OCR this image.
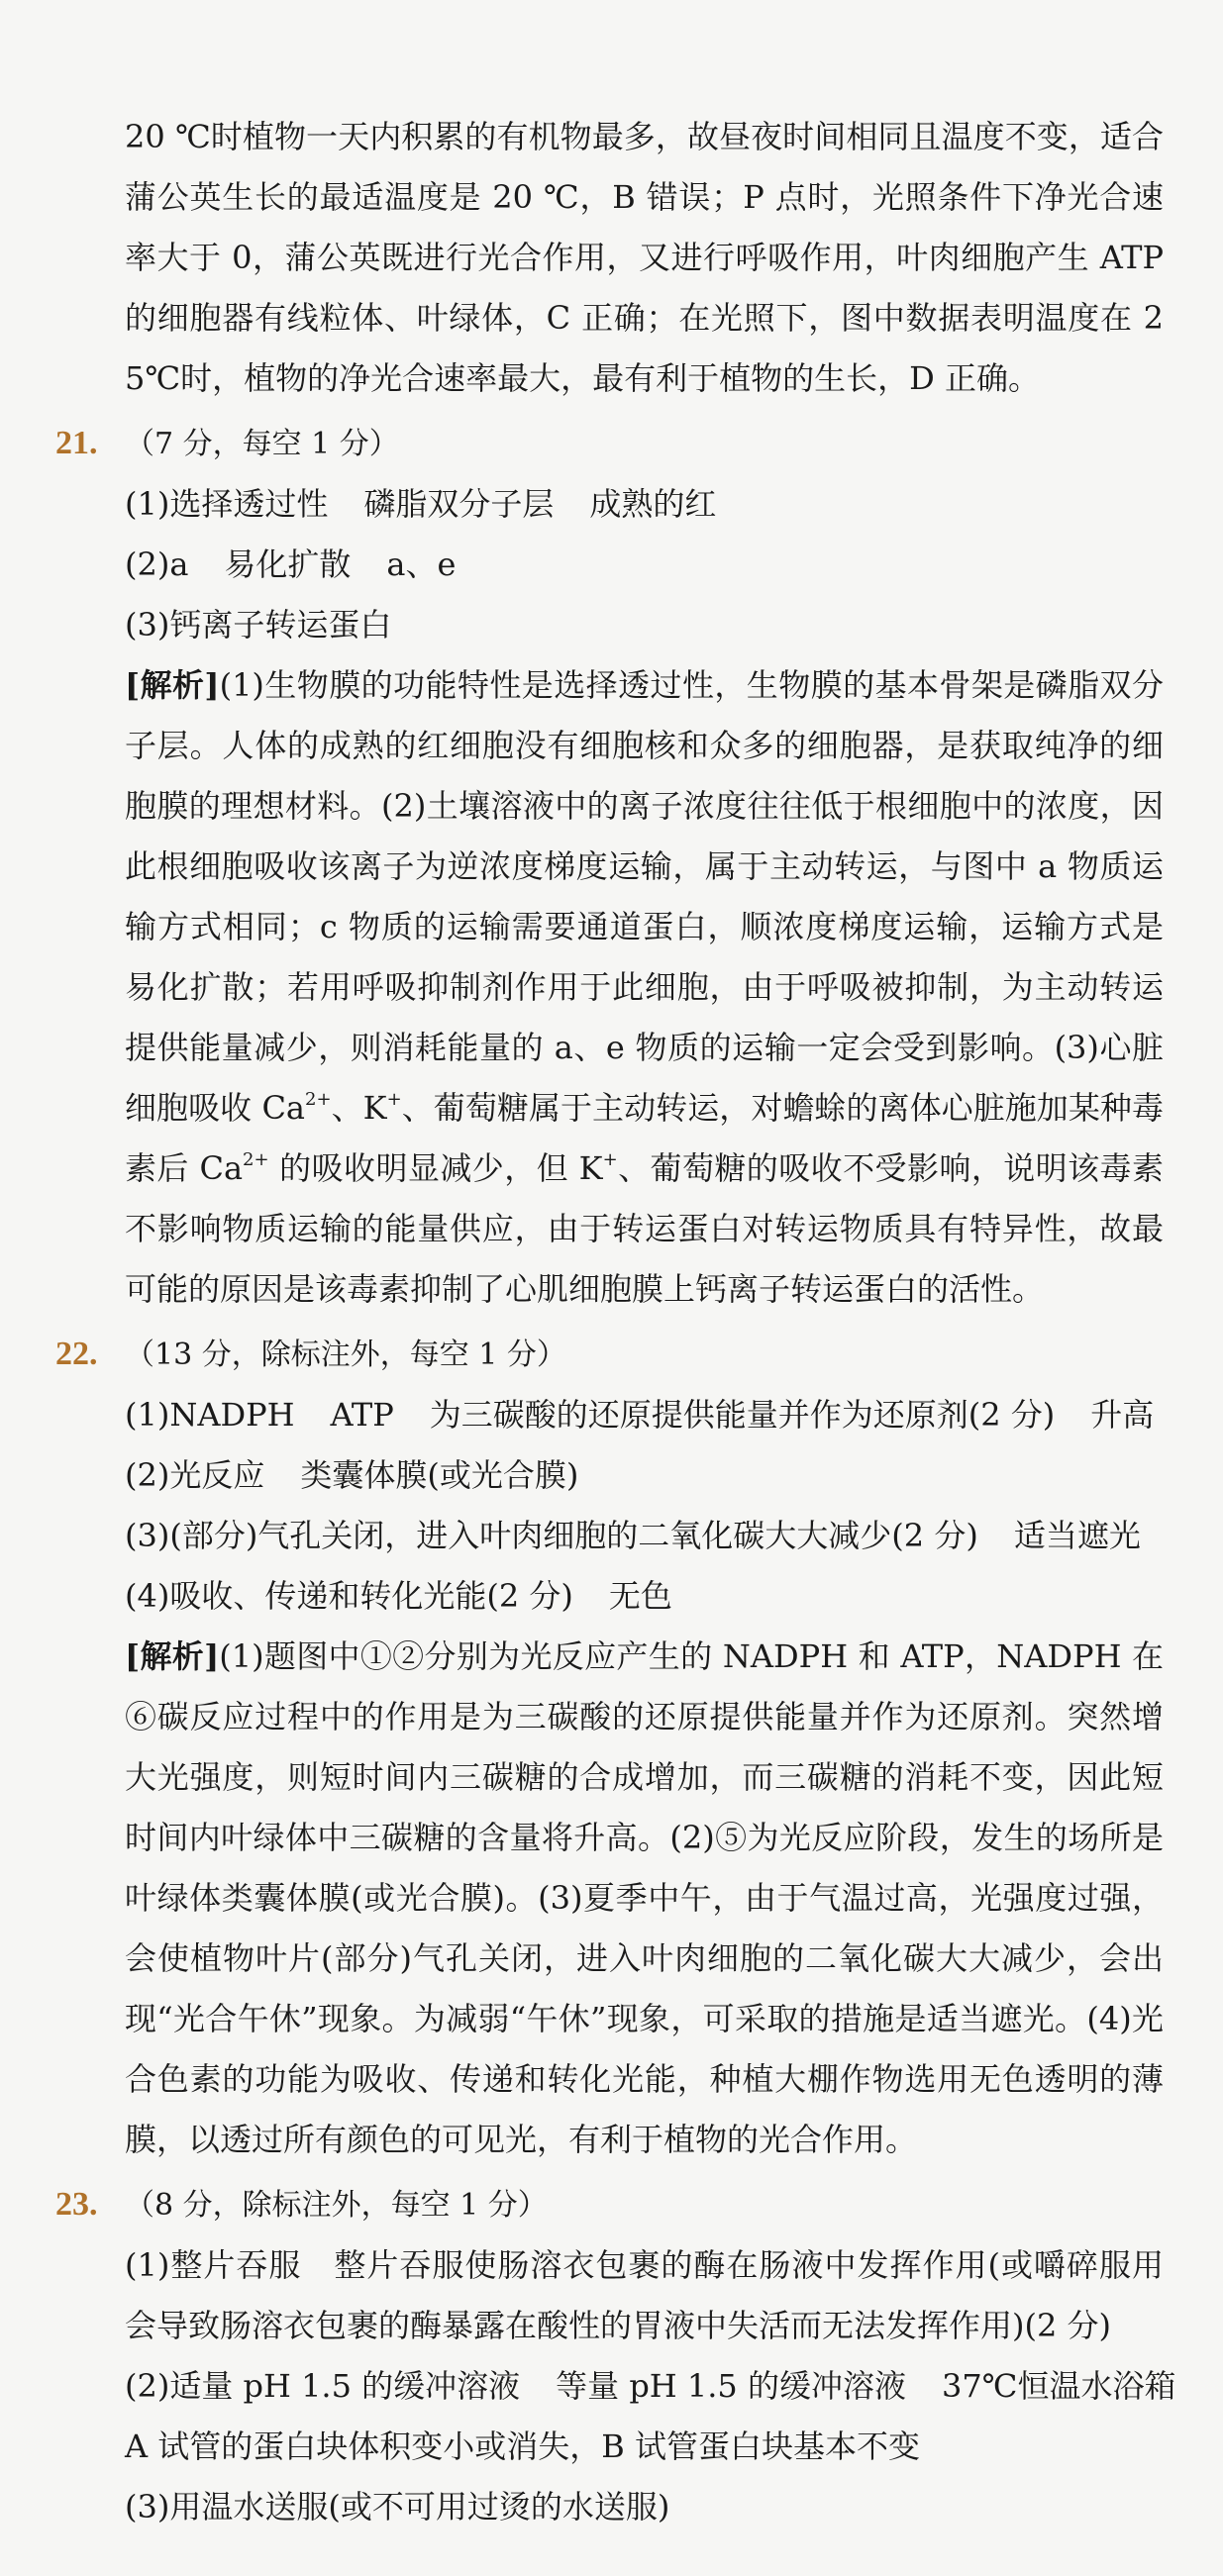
20 ℃时植物一天内积累的有机物最多，故昼夜时间相同且温度不变，适合蒲公英生长的最适温度是 20 ℃，B 错误；P 点时，光照条件下净光合速率大于 0，蒲公英既进行光合作用，又进行呼吸作用，叶肉细胞产生 ATP 的细胞器有线粒体、叶绿体，C 正确；在光照下，图中数据表明温度在 25℃时，植物的净光合速率最大，最有利于植物的生长，D 正确。

21. （7 分，每空 1 分）

(1)选择透过性 磷脂双分子层 成熟的红

(2)a 易化扩散 a、e

(3)钙离子转运蛋白

[解析](1)生物膜的功能特性是选择透过性，生物膜的基本骨架是磷脂双分子层。人体的成熟的红细胞没有细胞核和众多的细胞器，是获取纯净的细胞膜的理想材料。(2)土壤溶液中的离子浓度往往低于根细胞中的浓度，因此根细胞吸收该离子为逆浓度梯度运输，属于主动转运，与图中 a 物质运输方式相同；c 物质的运输需要通道蛋白，顺浓度梯度运输，运输方式是易化扩散；若用呼吸抑制剂作用于此细胞，由于呼吸被抑制，为主动转运提供能量减少，则消耗能量的 a、e 物质的运输一定会受到影响。(3)心脏细胞吸收 $Ca^{2+}$、K+、葡萄糖属于主动转运，对蟾蜍的离体心脏施加某种毒素后 $Ca^{2+}$ 的吸收明显减少，但 K+、葡萄糖的吸收不受影响，说明该毒素不影响物质运输的能量供应，由于转运蛋白对转运物质具有特异性，故最可能的原因是该毒素抑制了心肌细胞膜上钙离子转运蛋白的活性。

22. （13 分，除标注外，每空 1 分）

(1)NADPH ATP 为三碳酸的还原提供能量并作为还原剂(2 分) 升高

(2)光反应 类囊体膜(或光合膜)

(3)(部分)气孔关闭，进入叶肉细胞的二氧化碳大大减少(2 分) 适当遮光

(4)吸收、传递和转化光能(2 分) 无色

[解析](1)题图中①②分别为光反应产生的 NADPH 和 ATP，NADPH 在⑥碳反应过程中的作用是为三碳酸的还原提供能量并作为还原剂。突然增大光强度，则短时间内三碳糖的合成增加，而三碳糖的消耗不变，因此短时间内叶绿体中三碳糖的含量将升高。(2)⑤为光反应阶段，发生的场所是叶绿体类囊体膜(或光合膜)。(3)夏季中午，由于气温过高，光强度过强，会使植物叶片(部分)气孔关闭，进入叶肉细胞的二氧化碳大大减少，会出现“光合午休”现象。为减弱“午休”现象，可采取的措施是适当遮光。(4)光合色素的功能为吸收、传递和转化光能，种植大棚作物选用无色透明的薄膜，以透过所有颜色的可见光，有利于植物的光合作用。

23. （8 分，除标注外，每空 1 分）

(1)整片吞服　整片吞服使肠溶衣包裹的酶在肠液中发挥作用(或嚼碎服用会导致肠溶衣包裹的酶暴露在酸性的胃液中失活而无法发挥作用)(2 分)

(2)适量 pH 1.5 的缓冲溶液 等量 pH 1.5 的缓冲溶液 37℃恒温水浴箱

A 试管的蛋白块体积变小或消失，B 试管蛋白块基本不变

(3)用温水送服(或不可用过烫的水送服)
